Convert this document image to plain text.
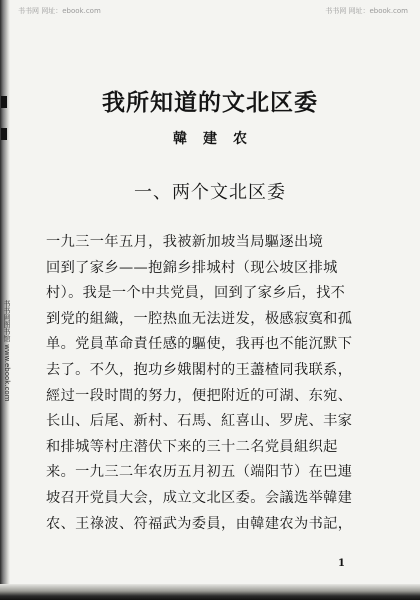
书书网图书馆 www.ebook.com
书书网 网址：ebook.com	书书网 网址：ebook.com
我所知道的文北区委
韓建农
一、两个文北区委
一九三一年五月，我被新加坡当局驅逐出境
回到了家乡——抱錦乡排城村（现公坡区排城
村）。我是一个中共党員，回到了家乡后，找不
到党的組織，一腔热血无法迸发，极感寂寞和孤
单。党員革命責任感的驅使，我再也不能沉默下
去了。不久，抱功乡娥閣村的王藎楂同我联系，
經过一段时間的努力，便把附近的可湖、东宛、
长山、后尾、新村、石馬、紅喜山、罗虎、丰家
和排城等村庄潜伏下来的三十二名党員組织起
来。一九三二年农历五月初五（端阳节）在巴連
坡召开党員大会，成立文北区委。会議选举韓建
农、王祿波、符福武为委員，由韓建农为书記，
1
